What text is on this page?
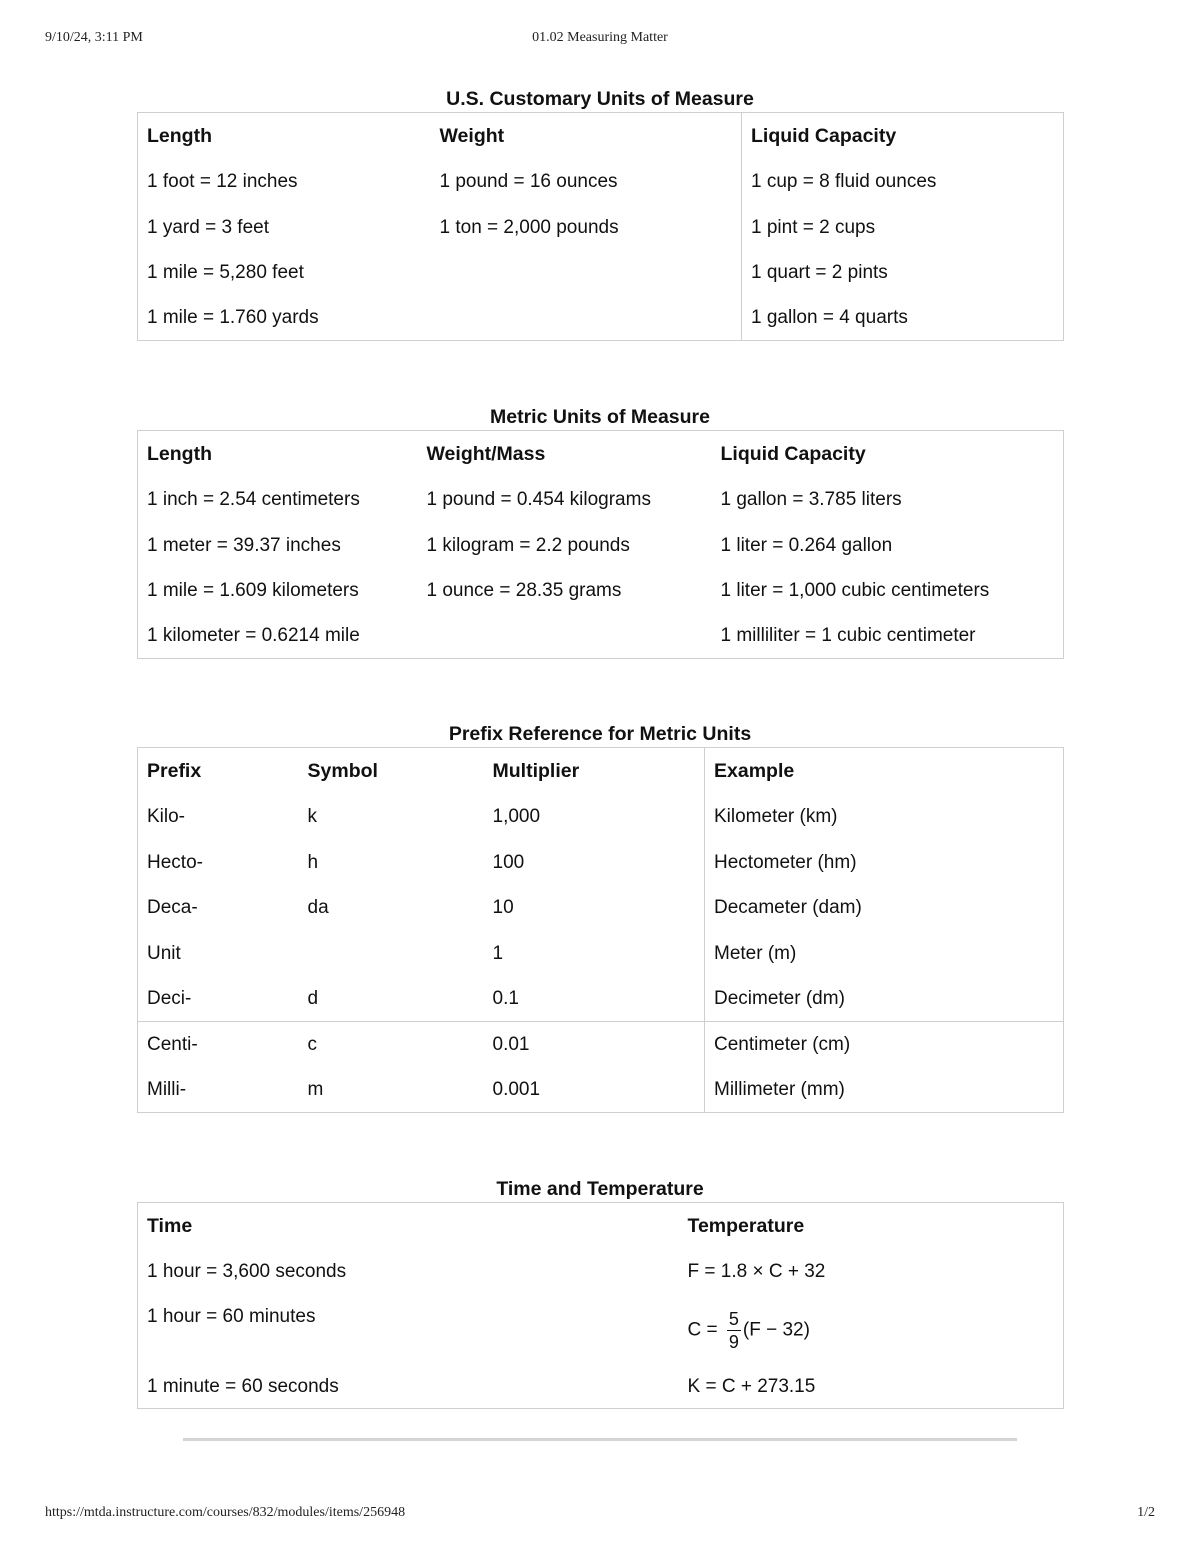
9/10/24, 3:11 PM	01.02 Measuring Matter
U.S. Customary Units of Measure
Length	Weight	Liquid Capacity
1 foot = 12 inches	1 pound = 16 ounces	1 cup = 8 fluid ounces
1 yard = 3 feet	1 ton = 2,000 pounds	1 pint = 2 cups
1 mile = 5,280 feet		1 quart = 2 pints
1 mile = 1.760 yards		1 gallon = 4 quarts
Metric Units of Measure
Length	Weight/Mass	Liquid Capacity
1 inch = 2.54 centimeters	1 pound = 0.454 kilograms	1 gallon = 3.785 liters
1 meter = 39.37 inches	1 kilogram = 2.2 pounds	1 liter = 0.264 gallon
1 mile = 1.609 kilometers	1 ounce = 28.35 grams	1 liter = 1,000 cubic centimeters
1 kilometer = 0.6214 mile		1 milliliter = 1 cubic centimeter
Prefix Reference for Metric Units
Prefix	Symbol	Multiplier	Example
Kilo-	k	1,000	Kilometer (km)
Hecto-	h	100	Hectometer (hm)
Deca-	da	10	Decameter (dam)
Unit		1	Meter (m)
Deci-	d	0.1	Decimeter (dm)
Centi-	c	0.01	Centimeter (cm)
Milli-	m	0.001	Millimeter (mm)
Time and Temperature
Time	Temperature
1 hour = 3,600 seconds	F = 1.8 × C + 32
1 hour = 60 minutes	$C = \frac{5}{9} (F - 32)$
1 minute = 60 seconds	K = C + 273.15
https://mtda.instructure.com/courses/832/modules/items/256948	1/2
